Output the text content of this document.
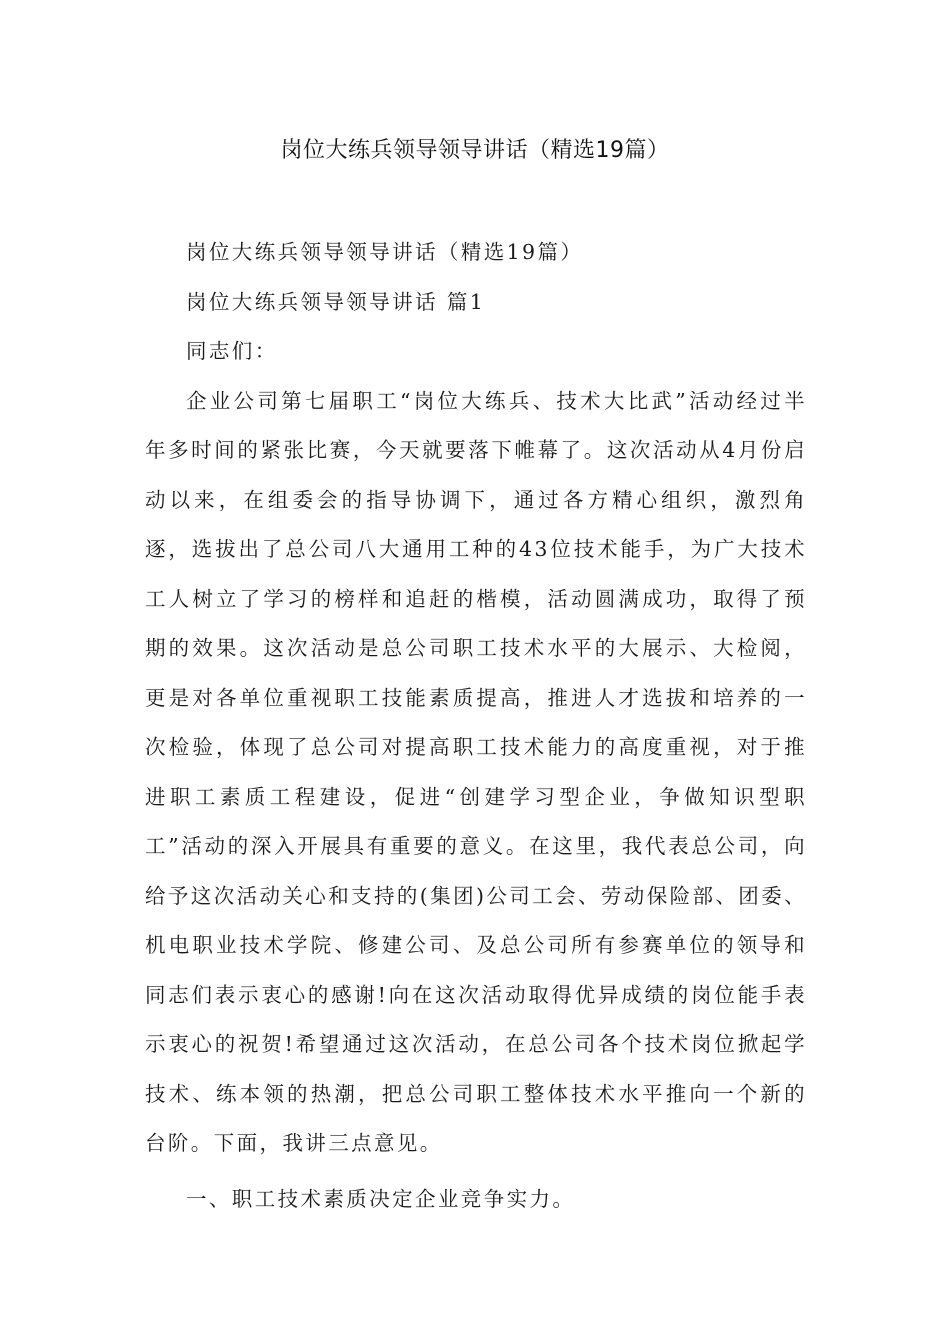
岗位大练兵领导领导讲话（精选19篇）

岗位大练兵领导领导讲话（精选19篇）

岗位大练兵领导领导讲话 篇1

同志们：

企业公司第七届职工“岗位大练兵、技术大比武”活动经过半年多时间的紧张比赛，今天就要落下帷幕了。这次活动从4月份启动以来，在组委会的指导协调下，通过各方精心组织，激烈角逐，选拔出了总公司八大通用工种的43位技术能手，为广大技术工人树立了学习的榜样和追赶的楷模，活动圆满成功，取得了预期的效果。这次活动是总公司职工技术水平的大展示、大检阅，更是对各单位重视职工技能素质提高，推进人才选拔和培养的一次检验，体现了总公司对提高职工技术能力的高度重视，对于推进职工素质工程建设，促进“创建学习型企业，争做知识型职工”活动的深入开展具有重要的意义。在这里，我代表总公司，向给予这次活动关心和支持的(集团)公司工会、劳动保险部、团委、机电职业技术学院、修建公司、及总公司所有参赛单位的领导和同志们表示衷心的感谢!向在这次活动取得优异成绩的岗位能手表示衷心的祝贺!希望通过这次活动，在总公司各个技术岗位掀起学技术、练本领的热潮，把总公司职工整体技术水平推向一个新的台阶。下面，我讲三点意见。

一、职工技术素质决定企业竞争实力。
